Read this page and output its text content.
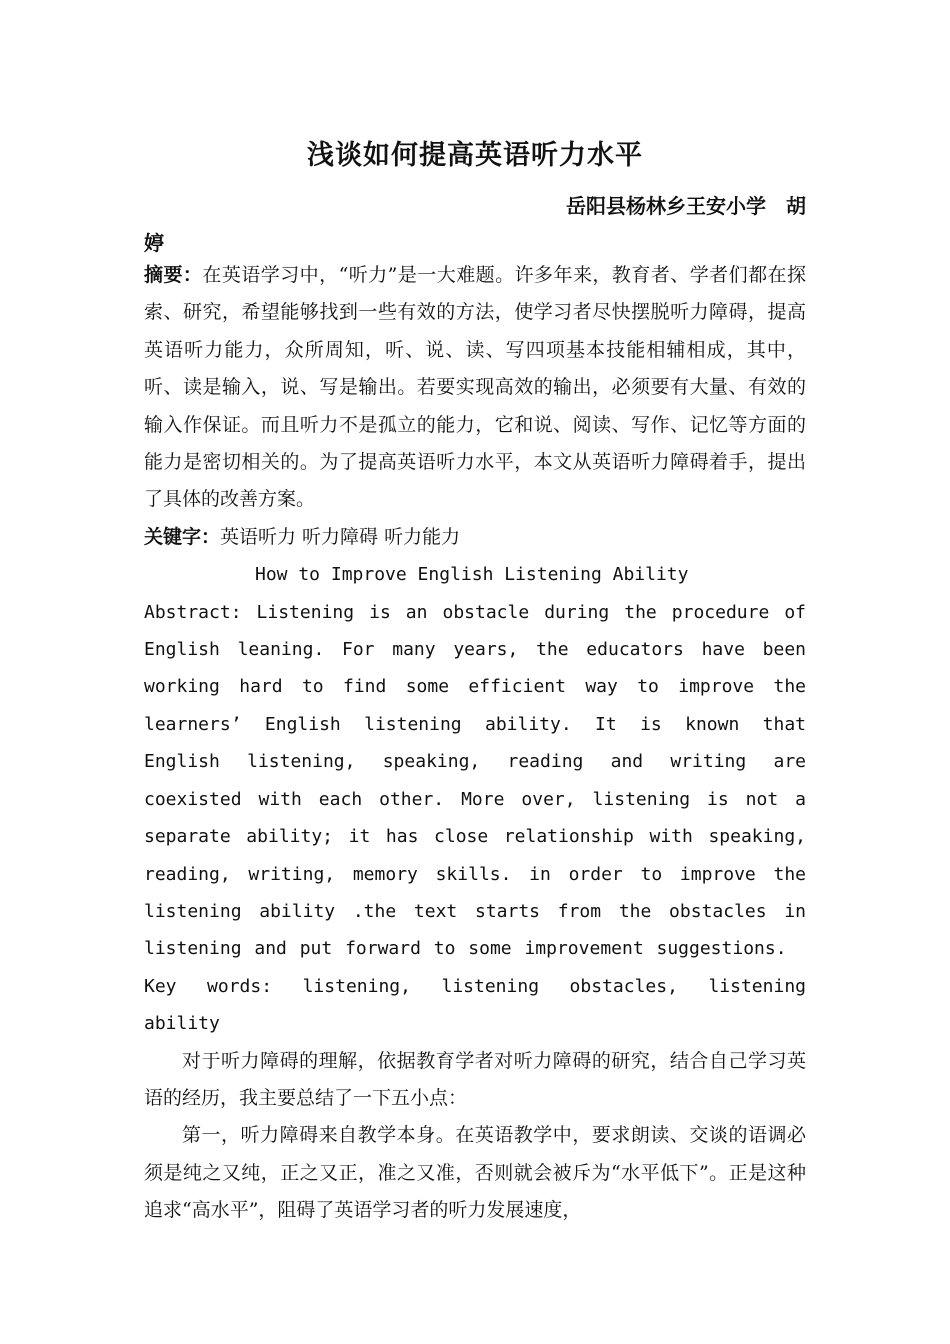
浅谈如何提高英语听力水平
岳阳县杨林乡王安小学　胡
婷

摘要：在英语学习中，“听力”是一大难题。许多年来，教育者、学者们都在探索、研究，希望能够找到一些有效的方法，使学习者尽快摆脱听力障碍，提高英语听力能力，众所周知，听、说、读、写四项基本技能相辅相成，其中，听、读是输入，说、写是输出。若要实现高效的输出，必须要有大量、有效的输入作保证。而且听力不是孤立的能力，它和说、阅读、写作、记忆等方面的能力是密切相关的。为了提高英语听力水平，本文从英语听力障碍着手，提出了具体的改善方案。

关键字：英语听力 听力障碍 听力能力

How to Improve English Listening Ability

Abstract: Listening is an obstacle during the procedure of English leaning. For many years, the educators have been working hard to find some efficient way to improve the learners’ English listening ability. It is known that English listening, speaking, reading and writing are coexisted with each other. More over, listening is not a separate ability; it has close relationship with speaking, reading, writing, memory skills. in order to improve the listening ability .the text starts from the obstacles in listening and put forward to some improvement suggestions.

Key words: listening, listening obstacles, listening ability

对于听力障碍的理解，依据教育学者对听力障碍的研究，结合自己学习英语的经历，我主要总结了一下五小点：

第一，听力障碍来自教学本身。在英语教学中，要求朗读、交谈的语调必须是纯之又纯，正之又正，准之又准，否则就会被斥为“水平低下”。正是这种追求“高水平”，阻碍了英语学习者的听力发展速度，
